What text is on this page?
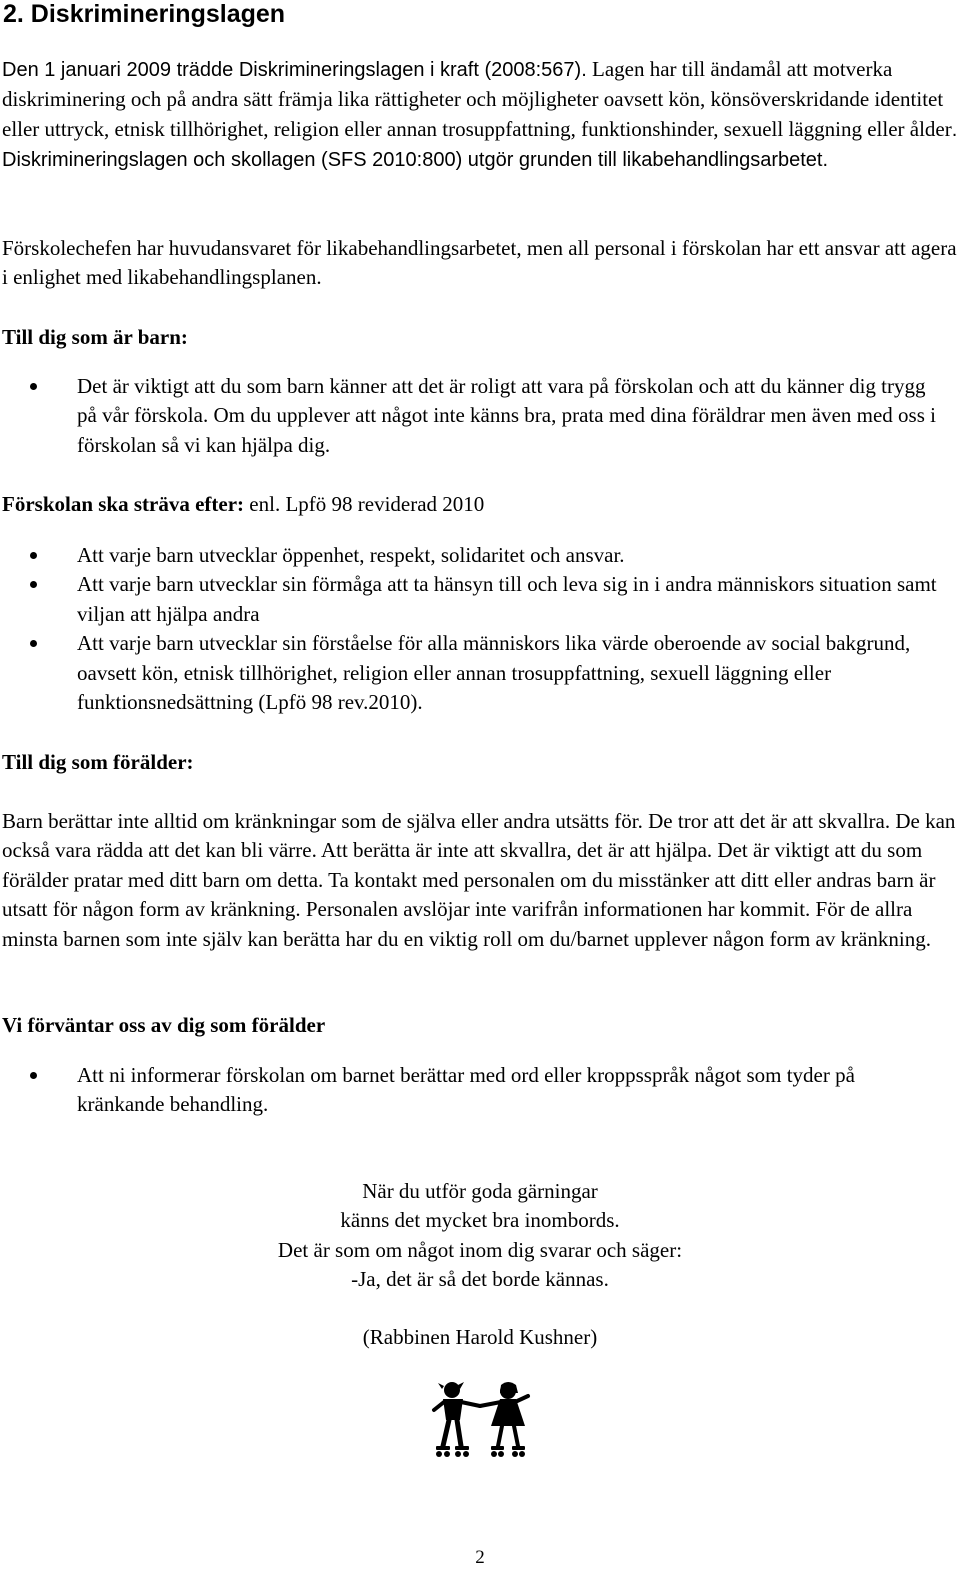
2. Diskrimineringslagen

Den 1 januari 2009 trädde Diskrimineringslagen i kraft (2008:567). Lagen har till ändamål att motverka diskriminering och på andra sätt främja lika rättigheter och möjligheter oavsett kön, könsöverskridande identitet eller uttryck, etnisk tillhörighet, religion eller annan trosuppfattning, funktionshinder, sexuell läggning eller ålder. Diskrimineringslagen och skollagen (SFS 2010:800) utgör grunden till likabehandlingsarbetet.

Förskolechefen har huvudansvaret för likabehandlingsarbetet, men all personal i förskolan har ett ansvar att agera i enlighet med likabehandlingsplanen.

Till dig som är barn:
Det är viktigt att du som barn känner att det är roligt att vara på förskolan och att du känner dig trygg på vår förskola. Om du upplever att något inte känns bra, prata med dina föräldrar men även med oss i förskolan så vi kan hjälpa dig.
Förskolan ska sträva efter: enl. Lpfö 98 reviderad 2010
Att varje barn utvecklar öppenhet, respekt, solidaritet och ansvar.
Att varje barn utvecklar sin förmåga att ta hänsyn till och leva sig in i andra människors situation samt viljan att hjälpa andra
Att varje barn utvecklar sin förståelse för alla människors lika värde oberoende av social bakgrund, oavsett kön, etnisk tillhörighet, religion eller annan trosuppfattning, sexuell läggning eller funktionsnedsättning (Lpfö 98 rev.2010).
Till dig som förälder:

Barn berättar inte alltid om kränkningar som de själva eller andra utsätts för. De tror att det är att skvallra. De kan också vara rädda att det kan bli värre. Att berätta är inte att skvallra, det är att hjälpa. Det är viktigt att du som förälder pratar med ditt barn om detta. Ta kontakt med personalen om du misstänker att ditt eller andras barn är utsatt för någon form av kränkning. Personalen avslöjar inte varifrån informationen har kommit. För de allra minsta barnen som inte själv kan berätta har du en viktig roll om du/barnet upplever någon form av kränkning.

Vi förväntar oss av dig som förälder
Att ni informerar förskolan om barnet berättar med ord eller kroppsspråk något som tyder på kränkande behandling.
När du utför goda gärningar
känns det mycket bra inombords.
Det är som om något inom dig svarar och säger:
-Ja, det är så det borde kännas.
(Rabbinen Harold Kushner)
2
